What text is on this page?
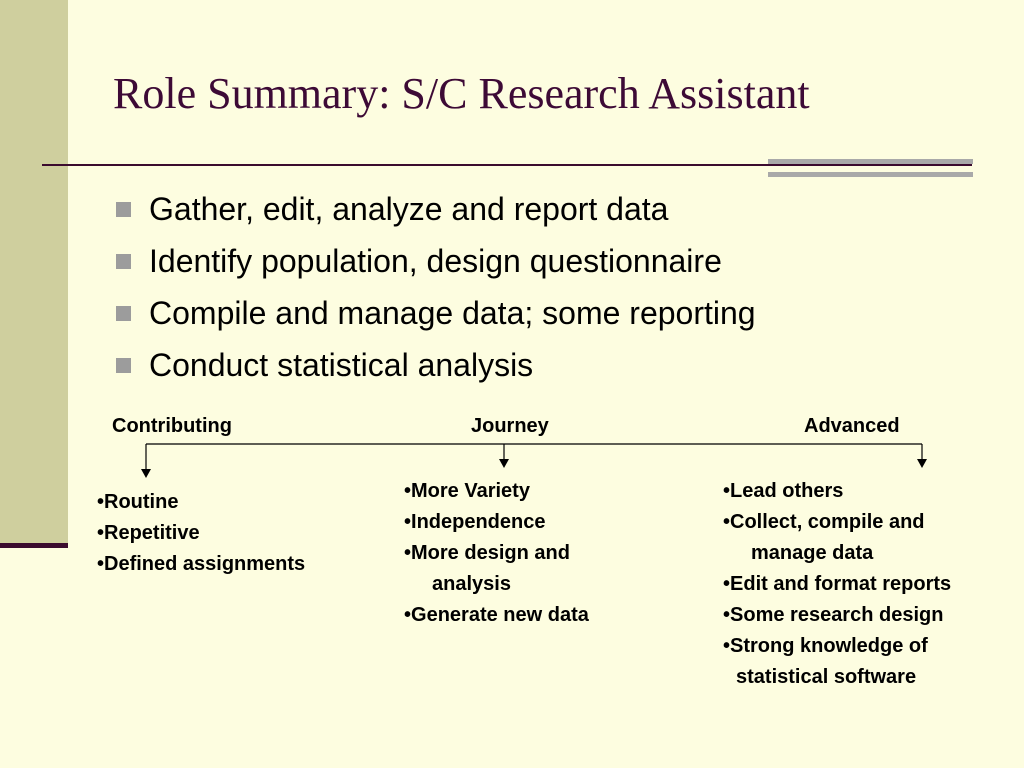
Role Summary: S/C Research Assistant
Gather, edit, analyze and report data
Identify population, design questionnaire
Compile and manage data; some reporting
Conduct statistical analysis
Contributing	Journey	Advanced
•Routine
•Repetitive
•Defined assignments
•More Variety
•Independence
•More design and
analysis
•Generate new data
•Lead others
•Collect, compile and
manage data
•Edit and format reports
•Some research design
•Strong knowledge of
statistical software
